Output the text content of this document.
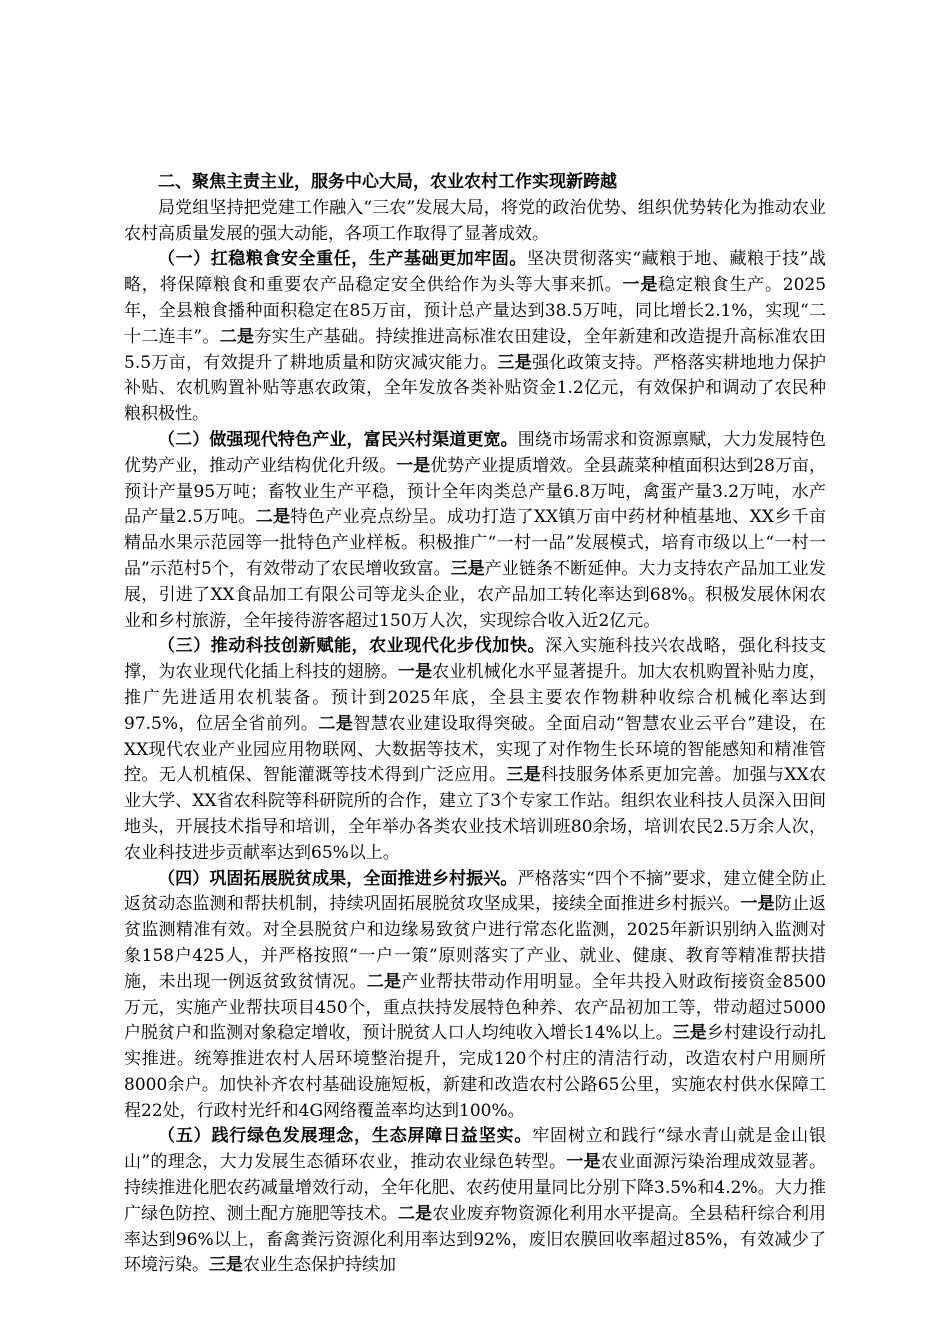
二、聚焦主责主业，服务中心大局，农业农村工作实现新跨越

局党组坚持把党建工作融入“三农”发展大局，将党的政治优势、组织优势转化为推动农业农村高质量发展的强大动能，各项工作取得了显著成效。

（一）扛稳粮食安全重任，生产基础更加牢固。坚决贯彻落实“藏粮于地、藏粮于技”战略，将保障粮食和重要农产品稳定安全供给作为头等大事来抓。一是稳定粮食生产。2025年，全县粮食播种面积稳定在85万亩，预计总产量达到38.5万吨，同比增长2.1%，实现“二十二连丰”。二是夯实生产基础。持续推进高标准农田建设，全年新建和改造提升高标准农田5.5万亩，有效提升了耕地质量和防灾减灾能力。三是强化政策支持。严格落实耕地地力保护补贴、农机购置补贴等惠农政策，全年发放各类补贴资金1.2亿元，有效保护和调动了农民种粮积极性。

（二）做强现代特色产业，富民兴村渠道更宽。围绕市场需求和资源禀赋，大力发展特色优势产业，推动产业结构优化升级。一是优势产业提质增效。全县蔬菜种植面积达到28万亩，预计产量95万吨；畜牧业生产平稳，预计全年肉类总产量6.8万吨，禽蛋产量3.2万吨，水产品产量2.5万吨。二是特色产业亮点纷呈。成功打造了XX镇万亩中药材种植基地、XX乡千亩精品水果示范园等一批特色产业样板。积极推广“一村一品”发展模式，培育市级以上“一村一品”示范村5个，有效带动了农民增收致富。三是产业链条不断延伸。大力支持农产品加工业发展，引进了XX食品加工有限公司等龙头企业，农产品加工转化率达到68%。积极发展休闲农业和乡村旅游，全年接待游客超过150万人次，实现综合收入近2亿元。

（三）推动科技创新赋能，农业现代化步伐加快。深入实施科技兴农战略，强化科技支撑，为农业现代化插上科技的翅膀。一是农业机械化水平显著提升。加大农机购置补贴力度，推广先进适用农机装备。预计到2025年底，全县主要农作物耕种收综合机械化率达到97.5%，位居全省前列。二是智慧农业建设取得突破。全面启动“智慧农业云平台”建设，在XX现代农业产业园应用物联网、大数据等技术，实现了对作物生长环境的智能感知和精准管控。无人机植保、智能灌溉等技术得到广泛应用。三是科技服务体系更加完善。加强与XX农业大学、XX省农科院等科研院所的合作，建立了3个专家工作站。组织农业科技人员深入田间地头，开展技术指导和培训，全年举办各类农业技术培训班80余场，培训农民2.5万余人次，农业科技进步贡献率达到65%以上。

（四）巩固拓展脱贫成果，全面推进乡村振兴。严格落实“四个不摘”要求，建立健全防止返贫动态监测和帮扶机制，持续巩固拓展脱贫攻坚成果，接续全面推进乡村振兴。一是防止返贫监测精准有效。对全县脱贫户和边缘易致贫户进行常态化监测，2025年新识别纳入监测对象158户425人，并严格按照“一户一策”原则落实了产业、就业、健康、教育等精准帮扶措施，未出现一例返贫致贫情况。二是产业帮扶带动作用明显。全年共投入财政衔接资金8500万元，实施产业帮扶项目450个，重点扶持发展特色种养、农产品初加工等，带动超过5000户脱贫户和监测对象稳定增收，预计脱贫人口人均纯收入增长14%以上。三是乡村建设行动扎实推进。统筹推进农村人居环境整治提升，完成120个村庄的清洁行动，改造农村户用厕所8000余户。加快补齐农村基础设施短板，新建和改造农村公路65公里，实施农村供水保障工程22处，行政村光纤和4G网络覆盖率均达到100%。

（五）践行绿色发展理念，生态屏障日益坚实。牢固树立和践行“绿水青山就是金山银山”的理念，大力发展生态循环农业，推动农业绿色转型。一是农业面源污染治理成效显著。持续推进化肥农药减量增效行动，全年化肥、农药使用量同比分别下降3.5%和4.2%。大力推广绿色防控、测土配方施肥等技术。二是农业废弃物资源化利用水平提高。全县秸秆综合利用率达到96%以上，畜禽粪污资源化利用率达到92%，废旧农膜回收率超过85%，有效减少了环境污染。三是农业生态保护持续加
